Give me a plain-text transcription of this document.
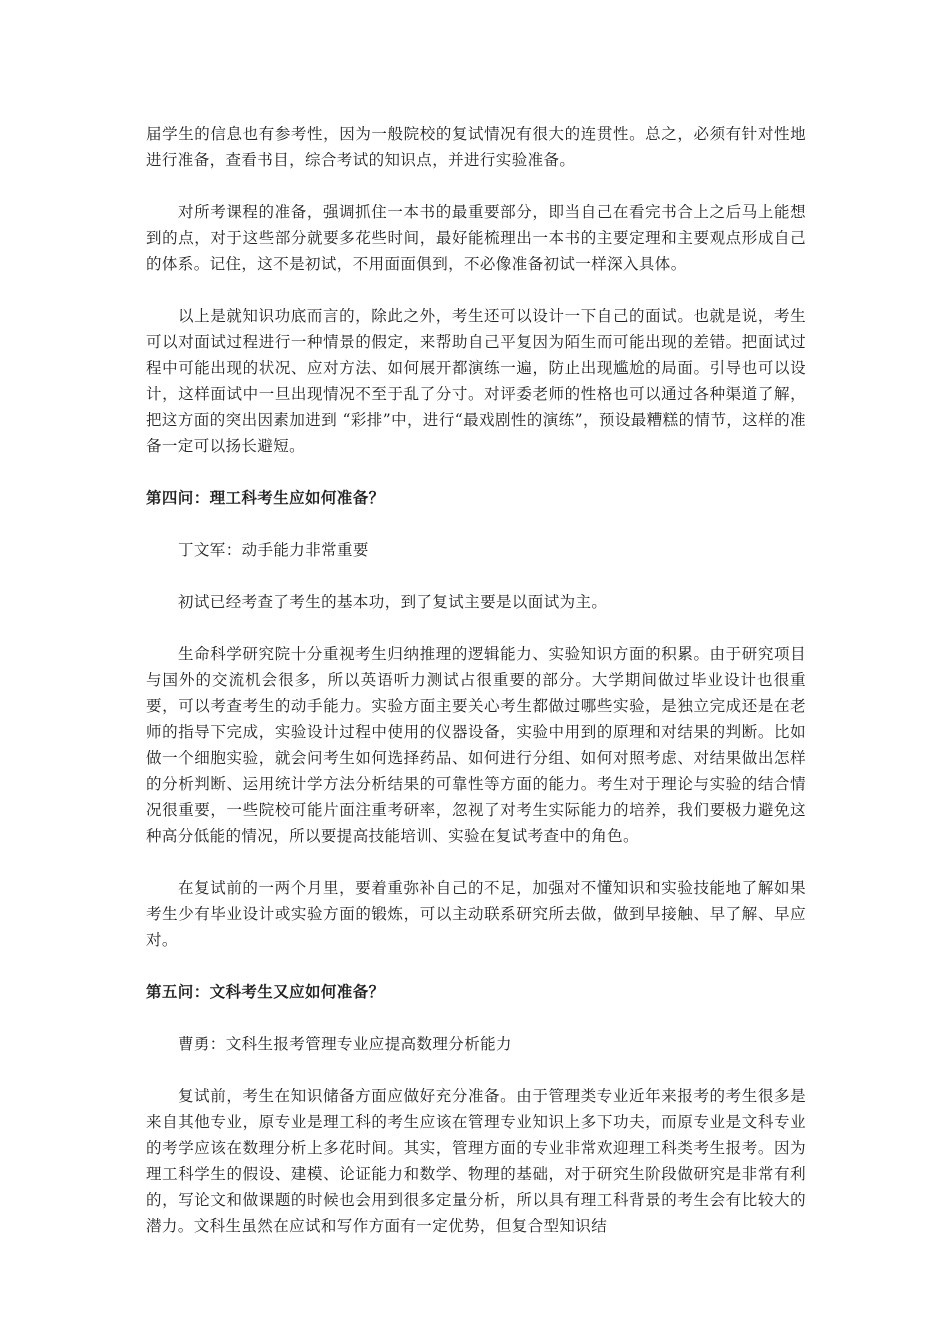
届学生的信息也有参考性，因为一般院校的复试情况有很大的连贯性。总之，必须有针对性地进行准备，查看书目，综合考试的知识点，并进行实验准备。

对所考课程的准备，强调抓住一本书的最重要部分，即当自己在看完书合上之后马上能想到的点，对于这些部分就要多花些时间，最好能梳理出一本书的主要定理和主要观点形成自己的体系。记住，这不是初试，不用面面俱到，不必像准备初试一样深入具体。

以上是就知识功底而言的，除此之外，考生还可以设计一下自己的面试。也就是说，考生可以对面试过程进行一种情景的假定，来帮助自己平复因为陌生而可能出现的差错。把面试过程中可能出现的状况、应对方法、如何展开都演练一遍，防止出现尴尬的局面。引导也可以设计，这样面试中一旦出现情况不至于乱了分寸。对评委老师的性格也可以通过各种渠道了解，把这方面的突出因素加进到 “彩排”中，进行“最戏剧性的演练”，预设最糟糕的情节，这样的准备一定可以扬长避短。

第四问：理工科考生应如何准备？

丁文军：动手能力非常重要

初试已经考查了考生的基本功，到了复试主要是以面试为主。

生命科学研究院十分重视考生归纳推理的逻辑能力、实验知识方面的积累。由于研究项目与国外的交流机会很多，所以英语听力测试占很重要的部分。大学期间做过毕业设计也很重要，可以考查考生的动手能力。实验方面主要关心考生都做过哪些实验，是独立完成还是在老师的指导下完成，实验设计过程中使用的仪器设备，实验中用到的原理和对结果的判断。比如做一个细胞实验，就会问考生如何选择药品、如何进行分组、如何对照考虑、对结果做出怎样的分析判断、运用统计学方法分析结果的可靠性等方面的能力。考生对于理论与实验的结合情况很重要，一些院校可能片面注重考研率，忽视了对考生实际能力的培养，我们要极力避免这种高分低能的情况，所以要提高技能培训、实验在复试考查中的角色。

在复试前的一两个月里，要着重弥补自己的不足，加强对不懂知识和实验技能地了解如果考生少有毕业设计或实验方面的锻炼，可以主动联系研究所去做，做到早接触、早了解、早应对。

第五问：文科考生又应如何准备？

曹勇：文科生报考管理专业应提高数理分析能力

复试前，考生在知识储备方面应做好充分准备。由于管理类专业近年来报考的考生很多是来自其他专业，原专业是理工科的考生应该在管理专业知识上多下功夫，而原专业是文科专业的考学应该在数理分析上多花时间。其实，管理方面的专业非常欢迎理工科类考生报考。因为理工科学生的假设、建模、论证能力和数学、物理的基础，对于研究生阶段做研究是非常有利的，写论文和做课题的时候也会用到很多定量分析，所以具有理工科背景的考生会有比较大的潜力。文科生虽然在应试和写作方面有一定优势，但复合型知识结
